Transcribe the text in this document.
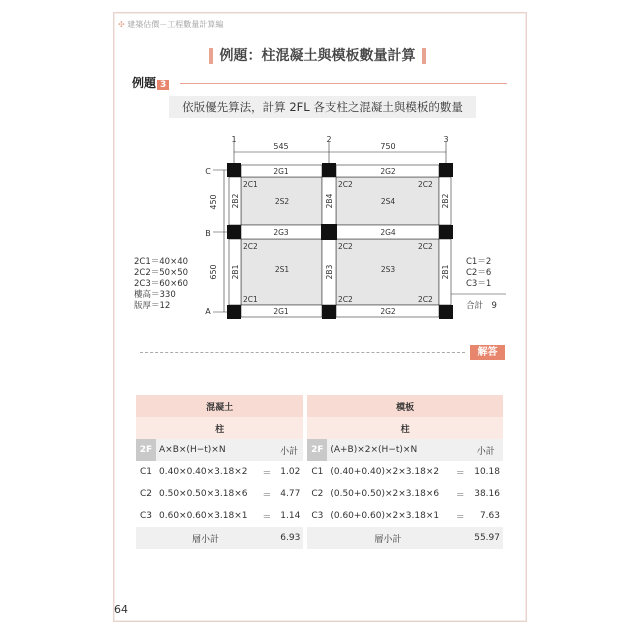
✣ 建築估價－工程數量計算編
例題：柱混凝土與模板數量計算
例題 3
依版優先算法，計算 2FL 各支柱之混凝土與模板的數量
1	2	3
545	750
C
B
A
450
650
2G1	2G2
2G3	2G4
2G1	2G2
2B2	2B4	2B2
2B1	2B3	2B1
2S2	2S4
2S1	2S3
2C1	2C2	2C2
2C2	2C2	2C2
2C1	2C2	2C2
2C1＝40×40
2C2＝50×50
2C3＝60×60
樓高＝330
版厚＝12
C1＝2
C2＝6
C3＝1
合計　9
解答
混凝土					模板			
柱					柱			
2F	A×B×(H−t)×N		小計		2F	(A+B)×2×(H−t)×N		小計
C1	0.40×0.40×3.18×2	＝	1.02		C1	(0.40+0.40)×2×3.18×2	＝	10.18
C2	0.50×0.50×3.18×6	＝	4.77		C2	(0.50+0.50)×2×3.18×6	＝	38.16
C3	0.60×0.60×3.18×1	＝	1.14		C3	(0.60+0.60)×2×3.18×1	＝	7.63
層小計			6.93		層小計			55.97
64
